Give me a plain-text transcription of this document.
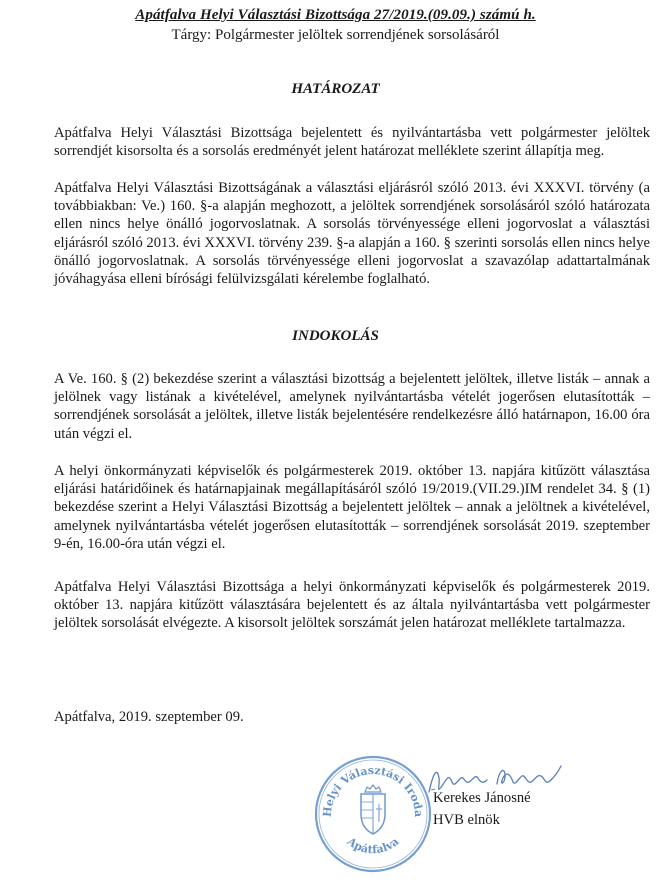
Apátfalva Helyi Választási Bizottsága 27/2019.(09.09.) számú h.
Tárgy: Polgármester jelöltek sorrendjének sorsolásáról
HATÁROZAT

Apátfalva Helyi Választási Bizottsága bejelentett és nyilvántartásba vett polgármester jelöltek sorrendjét kisorsolta és a sorsolás eredményét jelent határozat melléklete szerint állapítja meg.

Apátfalva Helyi Választási Bizottságának a választási eljárásról szóló 2013. évi XXXVI. törvény (a továbbiakban: Ve.) 160. §-a alapján meghozott, a jelöltek sorrendjének sorsolásáról szóló határozata ellen nincs helye önálló jogorvoslatnak. A sorsolás törvényessége elleni jogorvoslat a választási eljárásról szóló 2013. évi XXXVI. törvény 239. §-a alapján a 160. § szerinti sorsolás ellen nincs helye önálló jogorvoslatnak. A sorsolás törvényessége elleni jogorvoslat a szavazólap adattartalmának jóváhagyása elleni bírósági felülvizsgálati kérelembe foglalható.

INDOKOLÁS

A Ve. 160. § (2) bekezdése szerint a választási bizottság a bejelentett jelöltek, illetve listák – annak a jelölnek vagy listának a kivételével, amelynek nyilvántartásba vételét jogerősen elutasították – sorrendjének sorsolását a jelöltek, illetve listák bejelentésére rendelkezésre álló határnapon, 16.00 óra után végzi el.

A helyi önkormányzati képviselők és polgármesterek 2019. október 13. napjára kitűzött választása eljárási határidőinek és határnapjainak megállapításáról szóló 19/2019.(VII.29.)IM rendelet 34. § (1) bekezdése szerint a Helyi Választási Bizottság a bejelentett jelöltek – annak a jelöltnek a kivételével, amelynek nyilvántartásba vételét jogerősen elutasították – sorrendjének sorsolását 2019. szeptember 9-én, 16.00-óra után végzi el.

Apátfalva Helyi Választási Bizottsága a helyi önkormányzati képviselők és polgármesterek 2019. október 13. napjára kitűzött választására bejelentett és az általa nyilvántartásba vett polgármester jelöltek sorsolását elvégezte. A kisorsolt jelöltek sorszámát jelen határozat melléklete tartalmazza.

Apátfalva, 2019. szeptember 09.

Helyi Választási Iroda
Apátfalva
Kerekes Jánosné
HVB elnök
